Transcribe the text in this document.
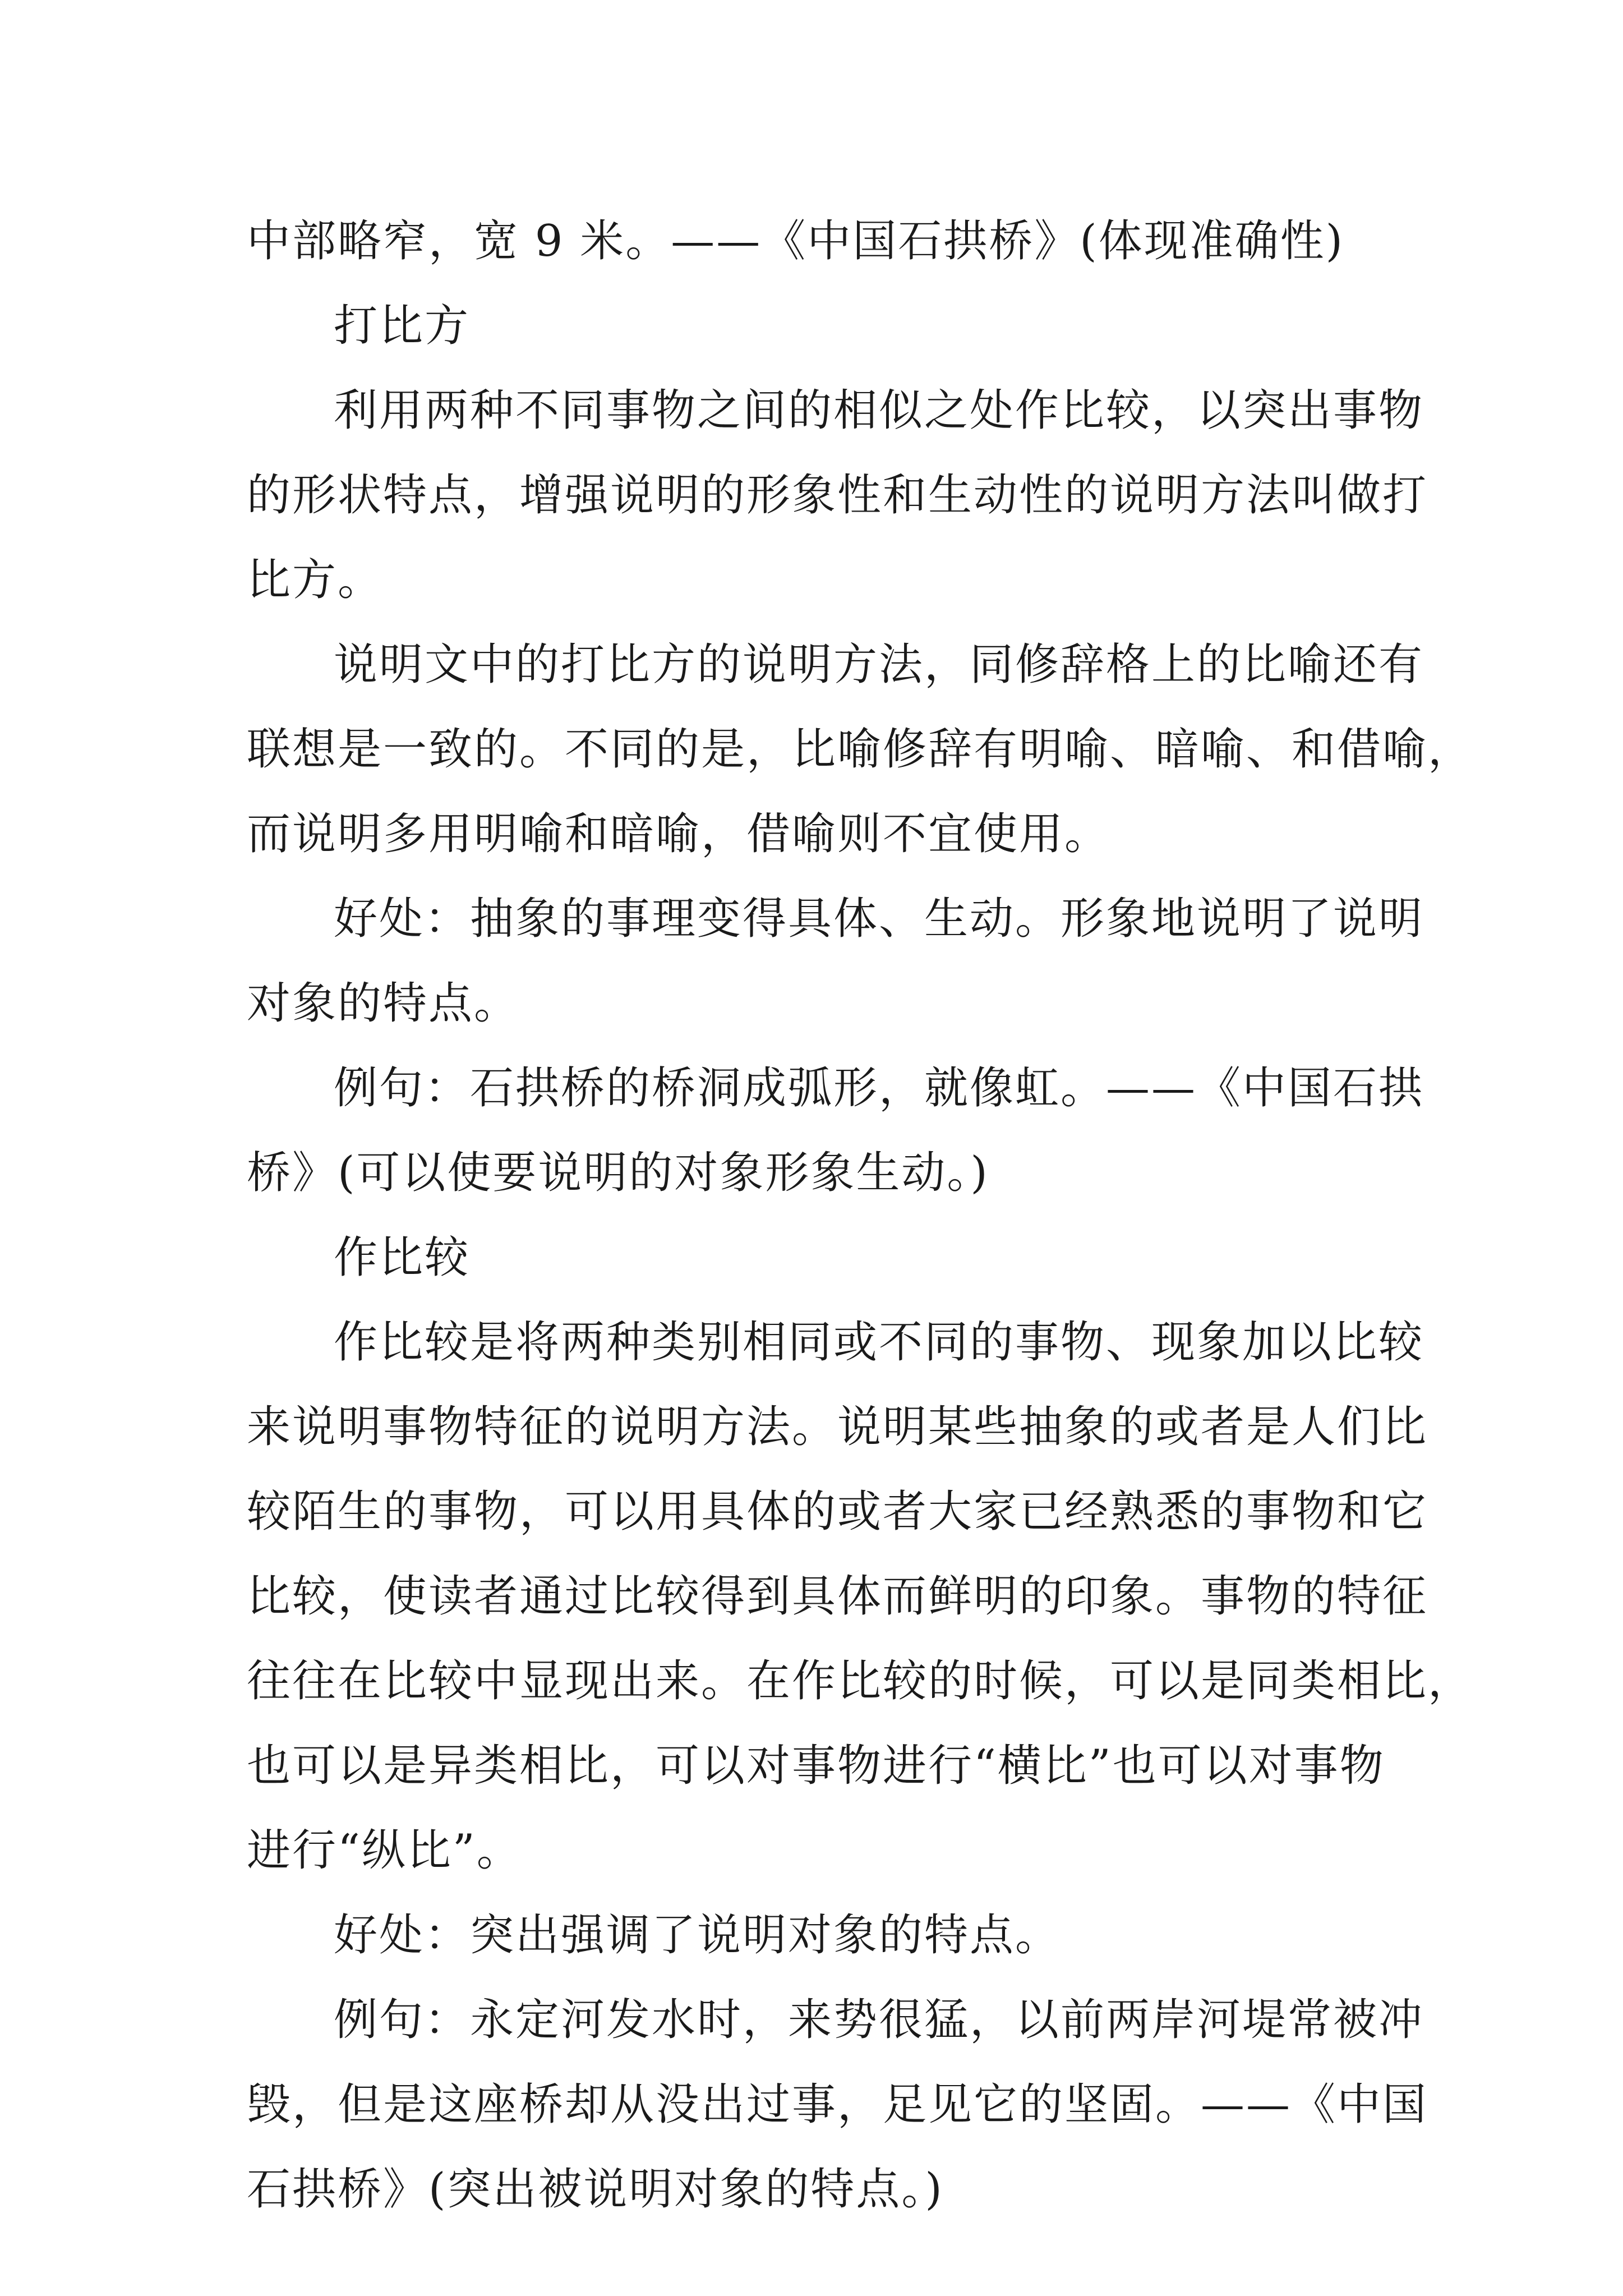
中部略窄，宽 9 米。——《中国石拱桥》(体现准确性)
打比方
利用两种不同事物之间的相似之处作比较，以突出事物
的形状特点，增强说明的形象性和生动性的说明方法叫做打
比方。
说明文中的打比方的说明方法，同修辞格上的比喻还有
联想是一致的。不同的是，比喻修辞有明喻、暗喻、和借喻，
而说明多用明喻和暗喻，借喻则不宜使用。
好处：抽象的事理变得具体、生动。形象地说明了说明
对象的特点。
例句：石拱桥的桥洞成弧形，就像虹。——《中国石拱
桥》(可以使要说明的对象形象生动。)
作比较
作比较是将两种类别相同或不同的事物、现象加以比较
来说明事物特征的说明方法。说明某些抽象的或者是人们比
较陌生的事物，可以用具体的或者大家已经熟悉的事物和它
比较，使读者通过比较得到具体而鲜明的印象。事物的特征
往往在比较中显现出来。在作比较的时候，可以是同类相比，
也可以是异类相比，可以对事物进行“横比”也可以对事物
进行“纵比”。
好处：突出强调了说明对象的特点。
例句：永定河发水时，来势很猛，以前两岸河堤常被冲
毁，但是这座桥却从没出过事，足见它的坚固。——《中国
石拱桥》(突出被说明对象的特点。)
